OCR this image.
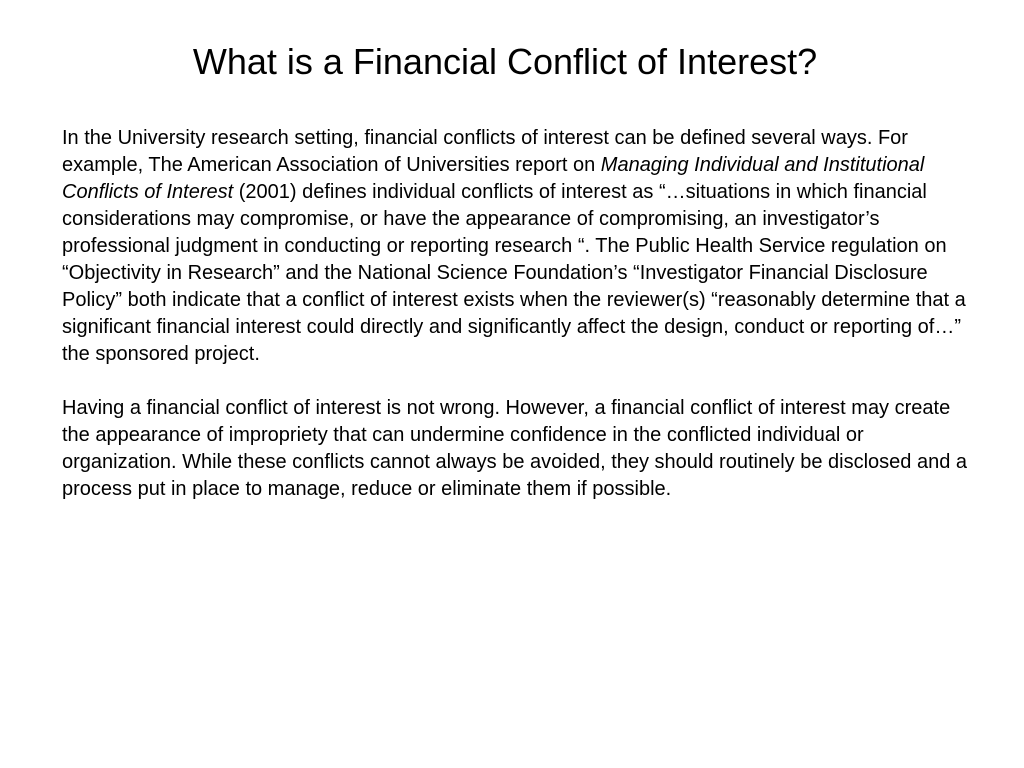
What is a Financial Conflict of Interest?

In the University research setting, financial conflicts of interest can be defined several ways. For example, The American Association of Universities report on Managing Individual and Institutional Conflicts of Interest (2001) defines individual conflicts of interest as “…situations in which financial considerations may compromise, or have the appearance of compromising, an investigator’s professional judgment in conducting or reporting research “. The Public Health Service regulation on “Objectivity in Research” and the National Science Foundation’s “Investigator Financial Disclosure Policy” both indicate that a conflict of interest exists when the reviewer(s) “reasonably determine that a significant financial interest could directly and significantly affect the design, conduct or reporting of…” the sponsored project.

Having a financial conflict of interest is not wrong. However, a financial conflict of interest may create the appearance of impropriety that can undermine confidence in the conflicted individual or organization. While these conflicts cannot always be avoided, they should routinely be disclosed and a process put in place to manage, reduce or eliminate them if possible.
